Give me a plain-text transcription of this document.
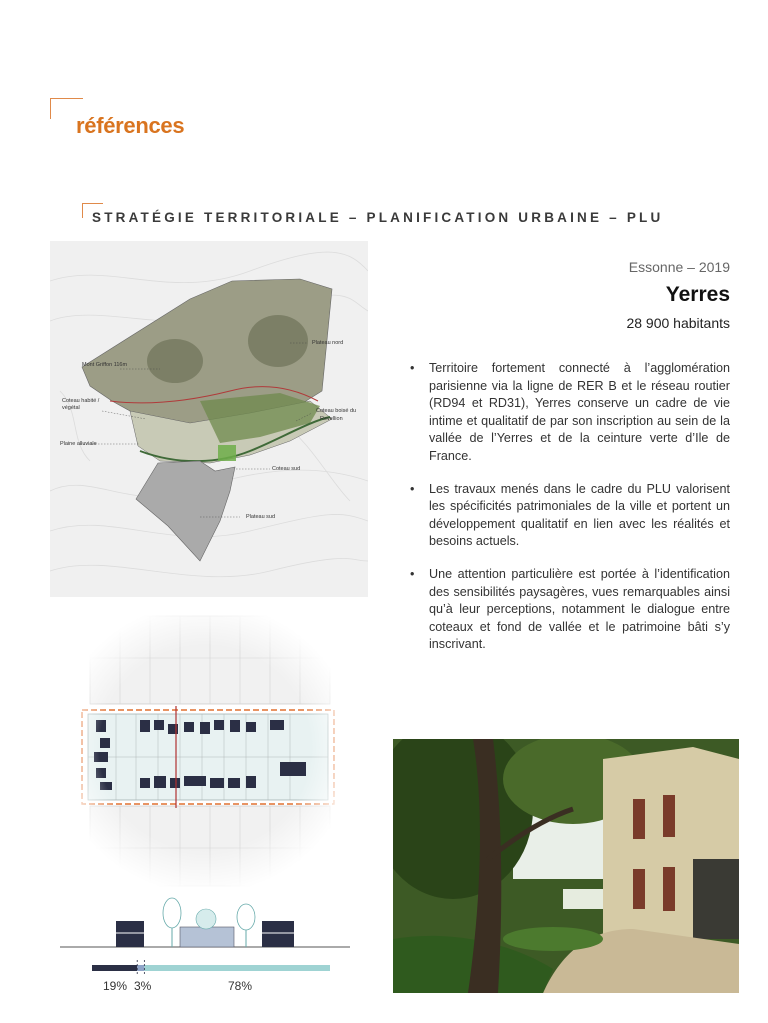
références
STRATÉGIE TERRITORIALE – PLANIFICATION URBAINE – PLU
Essonne – 2019
Yerres
28 900 habitants
• Territoire fortement connecté à l’agglomération parisienne via la ligne de RER B et le réseau routier (RD94 et RD31), Yerres conserve un cadre de vie intime et qualitatif de par son inscription au sein de la vallée de l’Yerres et de la ceinture verte d’Ile de France.
• Les travaux menés dans le cadre du PLU valorisent les spécificités patrimoniales de la ville et portent un développement qualitatif en lien avec les réalités et besoins actuels.
• Une attention particulière est portée à l’identification des sensibilités paysagères, vues remarquables ainsi qu’à leur perceptions, notamment le dialogue entre coteaux et fond de vallée et le patrimoine bâti s’y inscrivant.
Mont Griffon 116m
Plateau nord
Coteau habité /
végétal	Coteau boisé du
Revellion
Plaine alluviale
Coteau sud
Plateau sud
19% 3%	78%
